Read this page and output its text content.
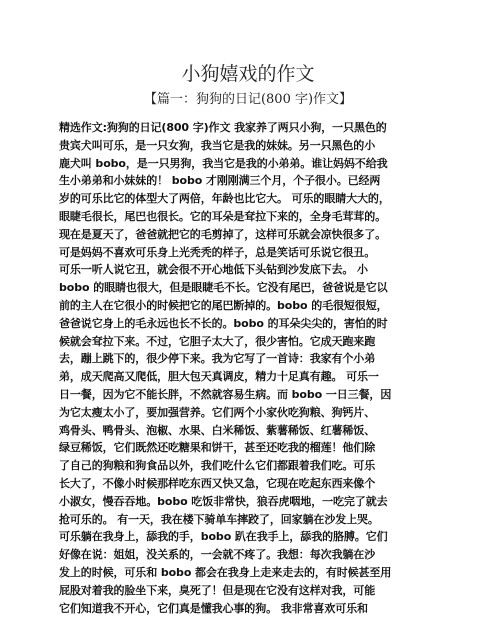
小狗嬉戏的作文
【篇一：狗狗的日记(800 字)作文】
精选作文:狗狗的日记(800 字)作文 我家养了两只小狗，一只黑色的
贵宾犬叫可乐，是一只女狗，我当它是我的妹妹。另一只黑色的小
鹿犬叫 bobo，是一只男狗，我当它是我的小弟弟。谁让妈妈不给我
生小弟弟和小妹妹的！ bobo 才刚刚满三个月，个子很小。已经两
岁的可乐比它的体型大了两倍，年龄也比它大。 可乐的眼睛大大的，
眼睫毛很长，尾巴也很长。它的耳朵是耷拉下来的，全身毛茸茸的。
现在是夏天了，爸爸就把它的毛剪掉了，这样可乐就会凉快很多了。
可是妈妈不喜欢可乐身上光秃秃的样子，总是笑话可乐说它很丑。
可乐一听人说它丑，就会很不开心地低下头钻到沙发底下去。 小
bobo 的眼睛也很大，但是眼睫毛不长。它没有尾巴，爸爸说是它以
前的主人在它很小的时候把它的尾巴断掉的。bobo 的毛很短很短，
爸爸说它身上的毛永远也长不长的。bobo 的耳朵尖尖的，害怕的时
候就会耷拉下来。不过，它胆子太大了，很少害怕。它成天跑来跑
去，蹦上跳下的，很少停下来。我为它写了一首诗：我家有个小弟
弟，成天爬高又爬低，胆大包天真调皮，精力十足真有趣。 可乐一
日一餐，因为它不能长胖，不然就容易生病。而 bobo 一日三餐，因
为它太瘦太小了，要加强营养。它们两个小家伙吃狗粮、狗钙片、
鸡骨头、鸭骨头、泡椒、水果、白米稀饭、紫薯稀饭、红薯稀饭、
绿豆稀饭，它们既然还吃糖果和饼干，甚至还吃我的榴莲！他们除
了自己的狗粮和狗食品以外，我们吃什么它们都跟着我们吃。可乐
长大了，不像小时候那样吃东西又快又急，它现在吃起东西来像个
小淑女，慢吞吞地。bobo 吃饭非常快，狼吞虎咽地，一吃完了就去
抢可乐的。 有一天，我在楼下骑单车摔跤了，回家躺在沙发上哭。
可乐躺在我身上，舔我的手，bobo 趴在我手上，舔我的胳膊。它们
好像在说：姐姐，没关系的，一会就不疼了。我想：每次我躺在沙
发上的时候，可乐和 bobo 都会在我身上走来走去的，有时候甚至用
屁股对着我的脸坐下来，臭死了！但是现在它没有这样对我，可能
它们知道我不开心，它们真是懂我心事的狗。 我非常喜欢可乐和
